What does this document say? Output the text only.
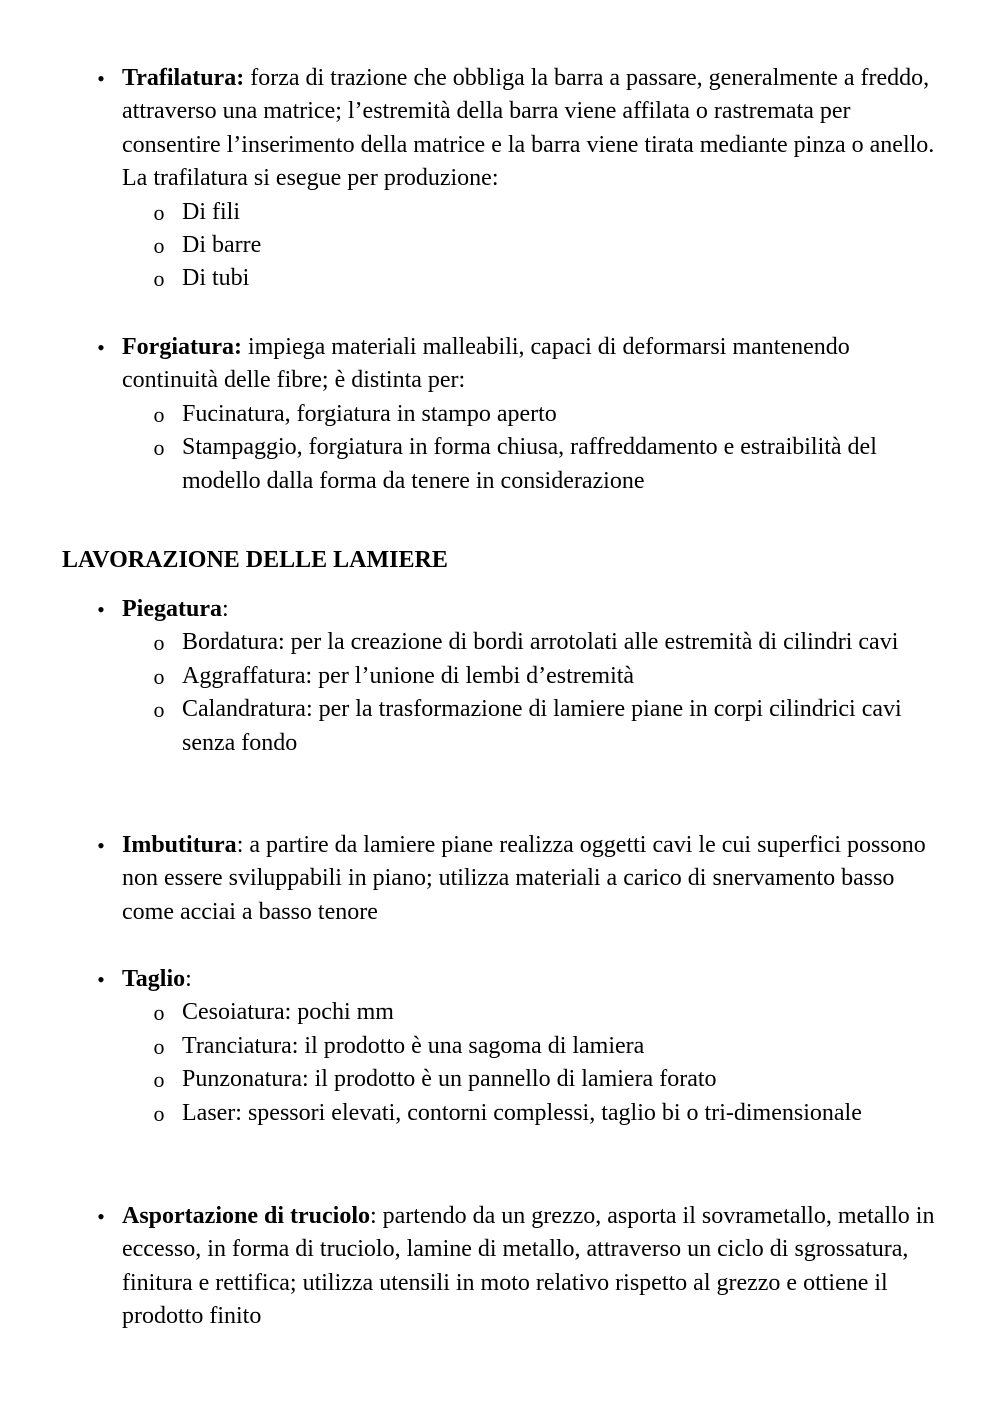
• Trafilatura: forza di trazione che obbliga la barra a passare, generalmente a freddo, attraverso una matrice; l’estremità della barra viene affilata o rastremata per consentire l’inserimento della matrice e la barra viene tirata mediante pinza o anello. La trafilatura si esegue per produzione:
o Di fili
o Di barre
o Di tubi
• Forgiatura: impiega materiali malleabili, capaci di deformarsi mantenendo continuità delle fibre; è distinta per:
o Fucinatura, forgiatura in stampo aperto
o Stampaggio, forgiatura in forma chiusa, raffreddamento e estraibilità del modello dalla forma da tenere in considerazione
LAVORAZIONE DELLE LAMIERE
• Piegatura:
o Bordatura: per la creazione di bordi arrotolati alle estremità di cilindri cavi
o Aggraffatura: per l’unione di lembi d’estremità
o Calandratura: per la trasformazione di lamiere piane in corpi cilindrici cavi senza fondo
• Imbutitura: a partire da lamiere piane realizza oggetti cavi le cui superfici possono non essere sviluppabili in piano; utilizza materiali a carico di snervamento basso come acciai a basso tenore
• Taglio:
o Cesoiatura: pochi mm
o Tranciatura: il prodotto è una sagoma di lamiera
o Punzonatura: il prodotto è un pannello di lamiera forato
o Laser: spessori elevati, contorni complessi, taglio bi o tri-dimensionale
• Asportazione di truciolo: partendo da un grezzo, asporta il sovrametallo, metallo in eccesso, in forma di truciolo, lamine di metallo, attraverso un ciclo di sgrossatura, finitura e rettifica; utilizza utensili in moto relativo rispetto al grezzo e ottiene il prodotto finito
